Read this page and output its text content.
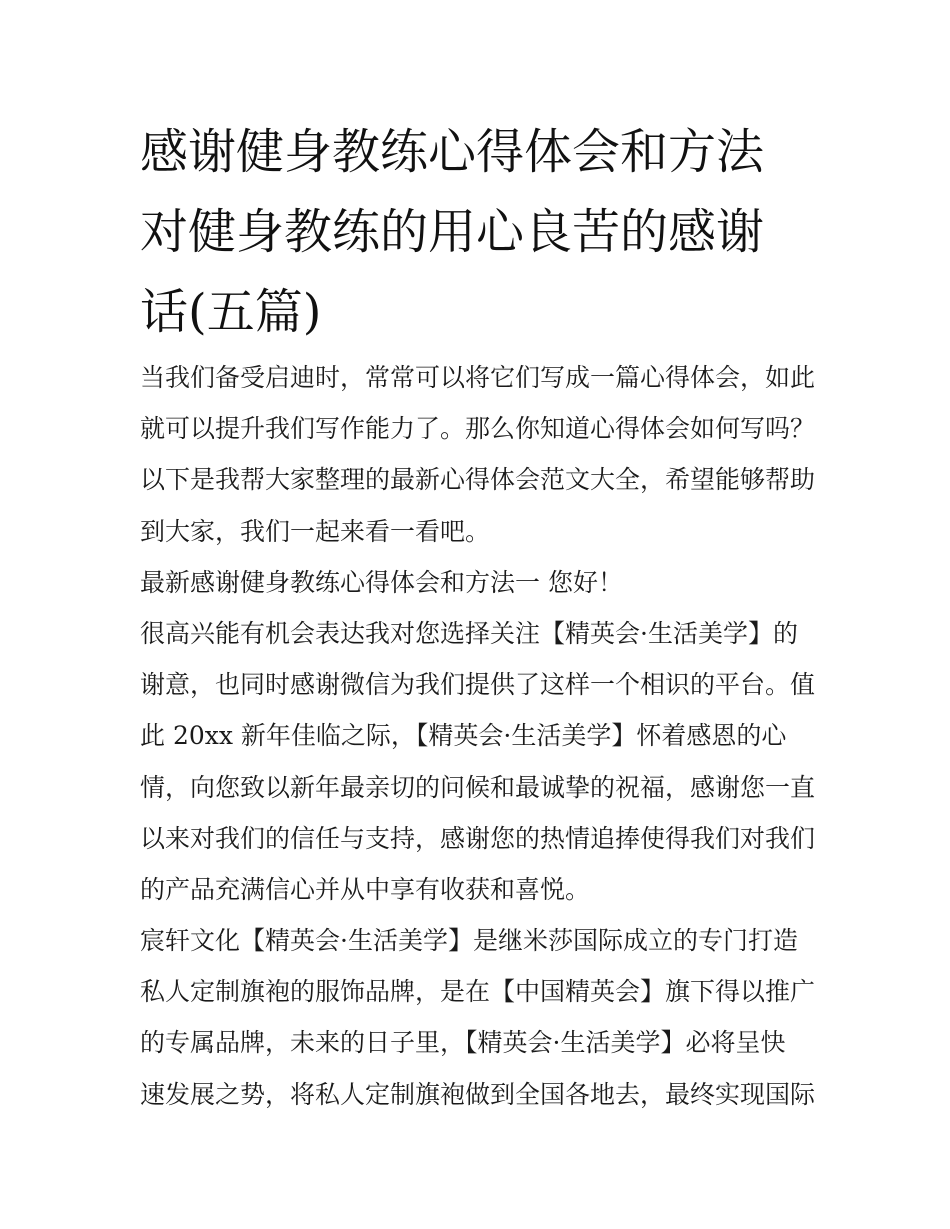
感谢健身教练心得体会和方法
对健身教练的用心良苦的感谢
话(五篇)
当我们备受启迪时，常常可以将它们写成一篇心得体会，如此
就可以提升我们写作能力了。那么你知道心得体会如何写吗？
以下是我帮大家整理的最新心得体会范文大全，希望能够帮助
到大家，我们一起来看一看吧。
最新感谢健身教练心得体会和方法一 您好！
很高兴能有机会表达我对您选择关注【精英会·生活美学】的
谢意，也同时感谢微信为我们提供了这样一个相识的平台。值
此 20xx 新年佳临之际，【精英会·生活美学】怀着感恩的心
情，向您致以新年最亲切的问候和最诚挚的祝福，感谢您一直
以来对我们的信任与支持，感谢您的热情追捧使得我们对我们
的产品充满信心并从中享有收获和喜悦。
宸轩文化【精英会·生活美学】是继米莎国际成立的专门打造
私人定制旗袍的服饰品牌，是在【中国精英会】旗下得以推广
的专属品牌，未来的日子里，【精英会·生活美学】必将呈快
速发展之势，将私人定制旗袍做到全国各地去，最终实现国际
